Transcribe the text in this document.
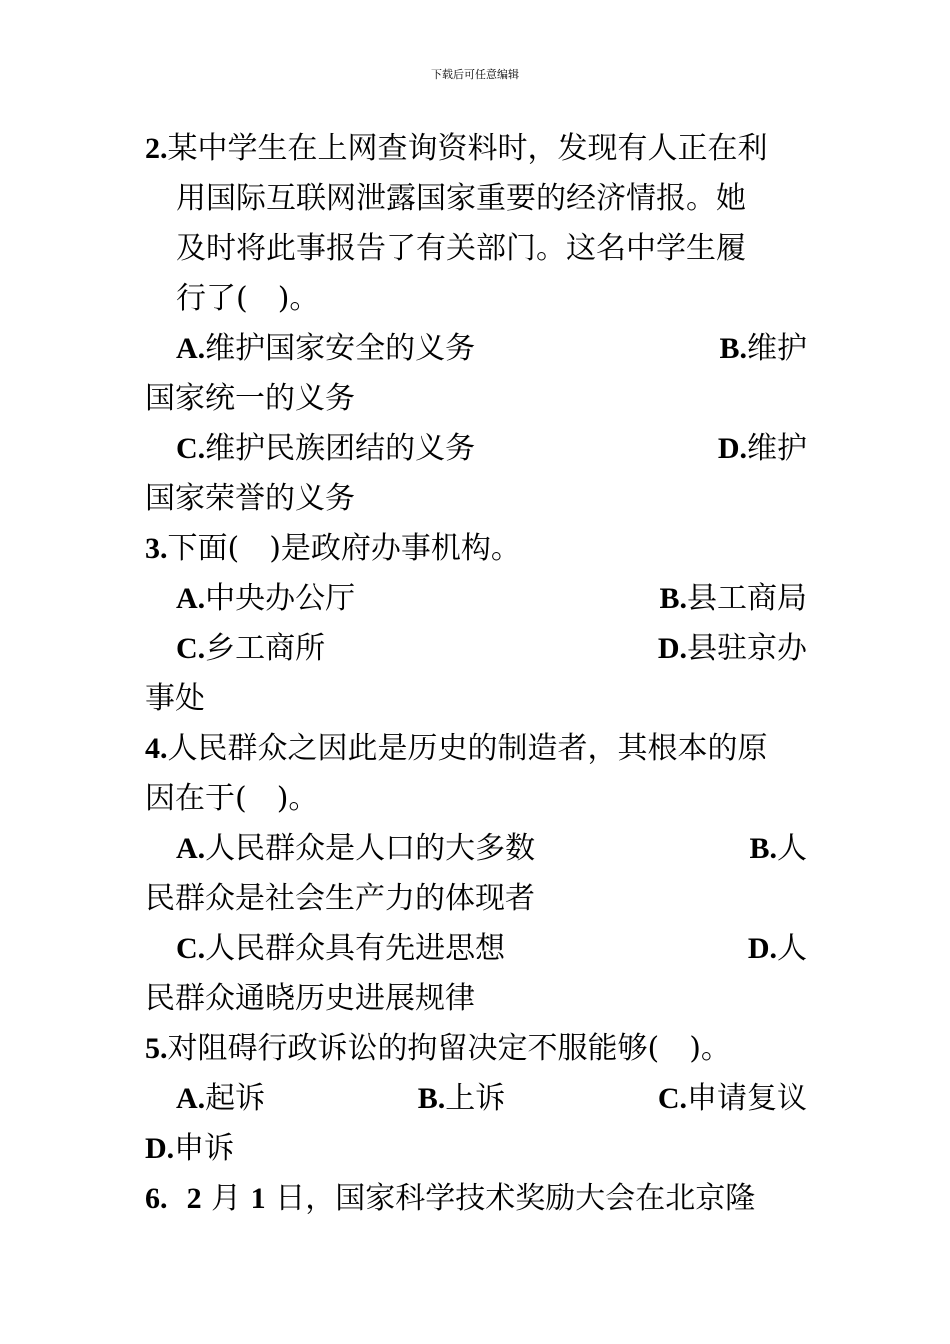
下载后可任意编辑
2.某中学生在上网查询资料时，发现有人正在利
用国际互联网泄露国家重要的经济情报。她
及时将此事报告了有关部门。这名中学生履
行了(　)。
A.维护国家安全的义务	B.维护
国家统一的义务
C.维护民族团结的义务	D.维护
国家荣誉的义务
3.下面(　)是政府办事机构。
A.中央办公厅	B.县工商局
C.乡工商所	D.县驻京办
事处
4.人民群众之因此是历史的制造者，其根本的原
因在于(　)。
A.人民群众是人口的大多数	B.人
民群众是社会生产力的体现者
C.人民群众具有先进思想	D.人
民群众通晓历史进展规律
5.对阻碍行政诉讼的拘留决定不服能够(　)。
A.起诉	B.上诉	C.申请复议
D.申诉
6. 2 月 1 日，国家科学技术奖励大会在北京隆
